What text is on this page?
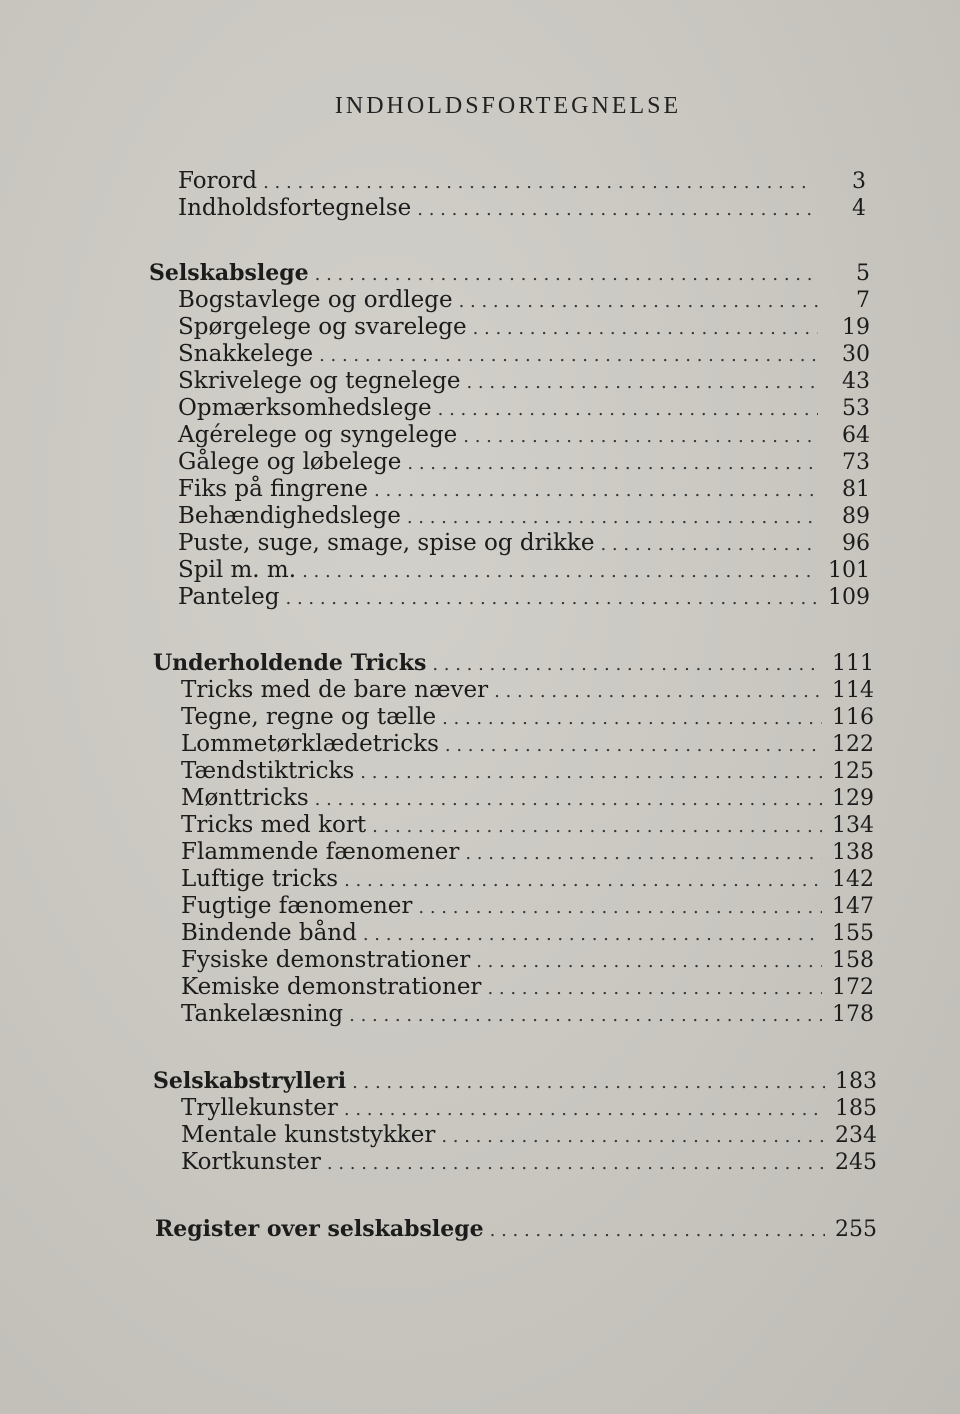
INDHOLDSFORTEGNELSE
Forord . . .	3
Indholdsfortegnelse . . .	4
Selskabslege . . .	5
Bogstavlege og ordlege . . .	7
Spørgelege og svarelege . . .	19
Snakkelege . . .	30
Skrivelege og tegnelege . . .	43
Opmærksomhedslege . . .	53
Agérelege og syngelege . . .	64
Gålege og løbelege . . .	73
Fiks på fingrene . . .	81
Behændighedslege . . .	89
Puste, suge, smage, spise og drikke . . .	96
Spil m. m. . . .	101
Panteleg . . .	109
Underholdende Tricks . . .	111
Tricks med de bare næver . . .	114
Tegne, regne og tælle . . .	116
Lommetørklædetricks . . .	122
Tændstiktricks . . .	125
Mønttricks . . .	129
Tricks med kort . . .	134
Flammende fænomener . . .	138
Luftige tricks . . .	142
Fugtige fænomener . . .	147
Bindende bånd . . .	155
Fysiske demonstrationer . . .	158
Kemiske demonstrationer . . .	172
Tankelæsning . . .	178
Selskabstrylleri . . .	183
Tryllekunster . . .	185
Mentale kunststykker . . .	234
Kortkunster . . .	245
Register over selskabslege . . .	255
